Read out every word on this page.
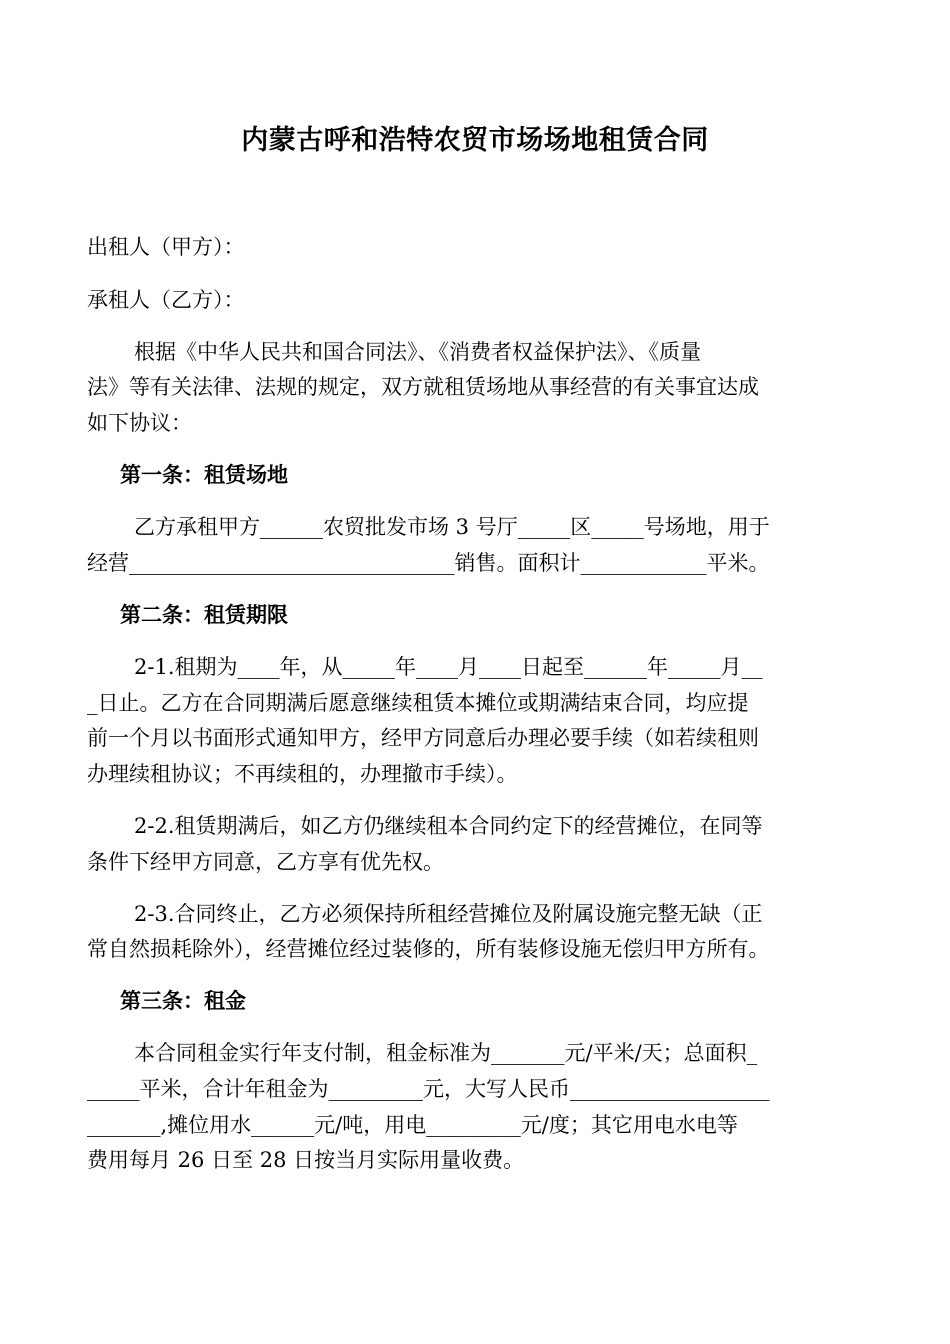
内蒙古呼和浩特农贸市场场地租赁合同
出租人（甲方）：
承租人（乙方）：
根据《中华人民共和国合同法》、《消费者权益保护法》、《质量
法》等有关法律、法规的规定，双方就租赁场地从事经营的有关事宜达成
如下协议：
第一条：租赁场地
乙方承租甲方______农贸批发市场 3 号厅_____区_____号场地，用于
经营_______________________________销售。面积计____________平米。
第二条：租赁期限
2-1.租期为____年，从_____年____月____日起至______年_____月__
_日止。乙方在合同期满后愿意继续租赁本摊位或期满结束合同，均应提
前一个月以书面形式通知甲方，经甲方同意后办理必要手续（如若续租则
办理续租协议；不再续租的，办理撤市手续）。
2-2.租赁期满后，如乙方仍继续租本合同约定下的经营摊位，在同等
条件下经甲方同意，乙方享有优先权。
2-3.合同终止，乙方必须保持所租经营摊位及附属设施完整无缺（正
常自然损耗除外），经营摊位经过装修的，所有装修设施无偿归甲方所有。
第三条：租金
本合同租金实行年支付制，租金标准为_______元/平米/天；总面积_
_____平米，合计年租金为_________元，大写人民币___________________
_______,摊位用水______元/吨，用电_________元/度；其它用电水电等
费用每月 26 日至 28 日按当月实际用量收费。
